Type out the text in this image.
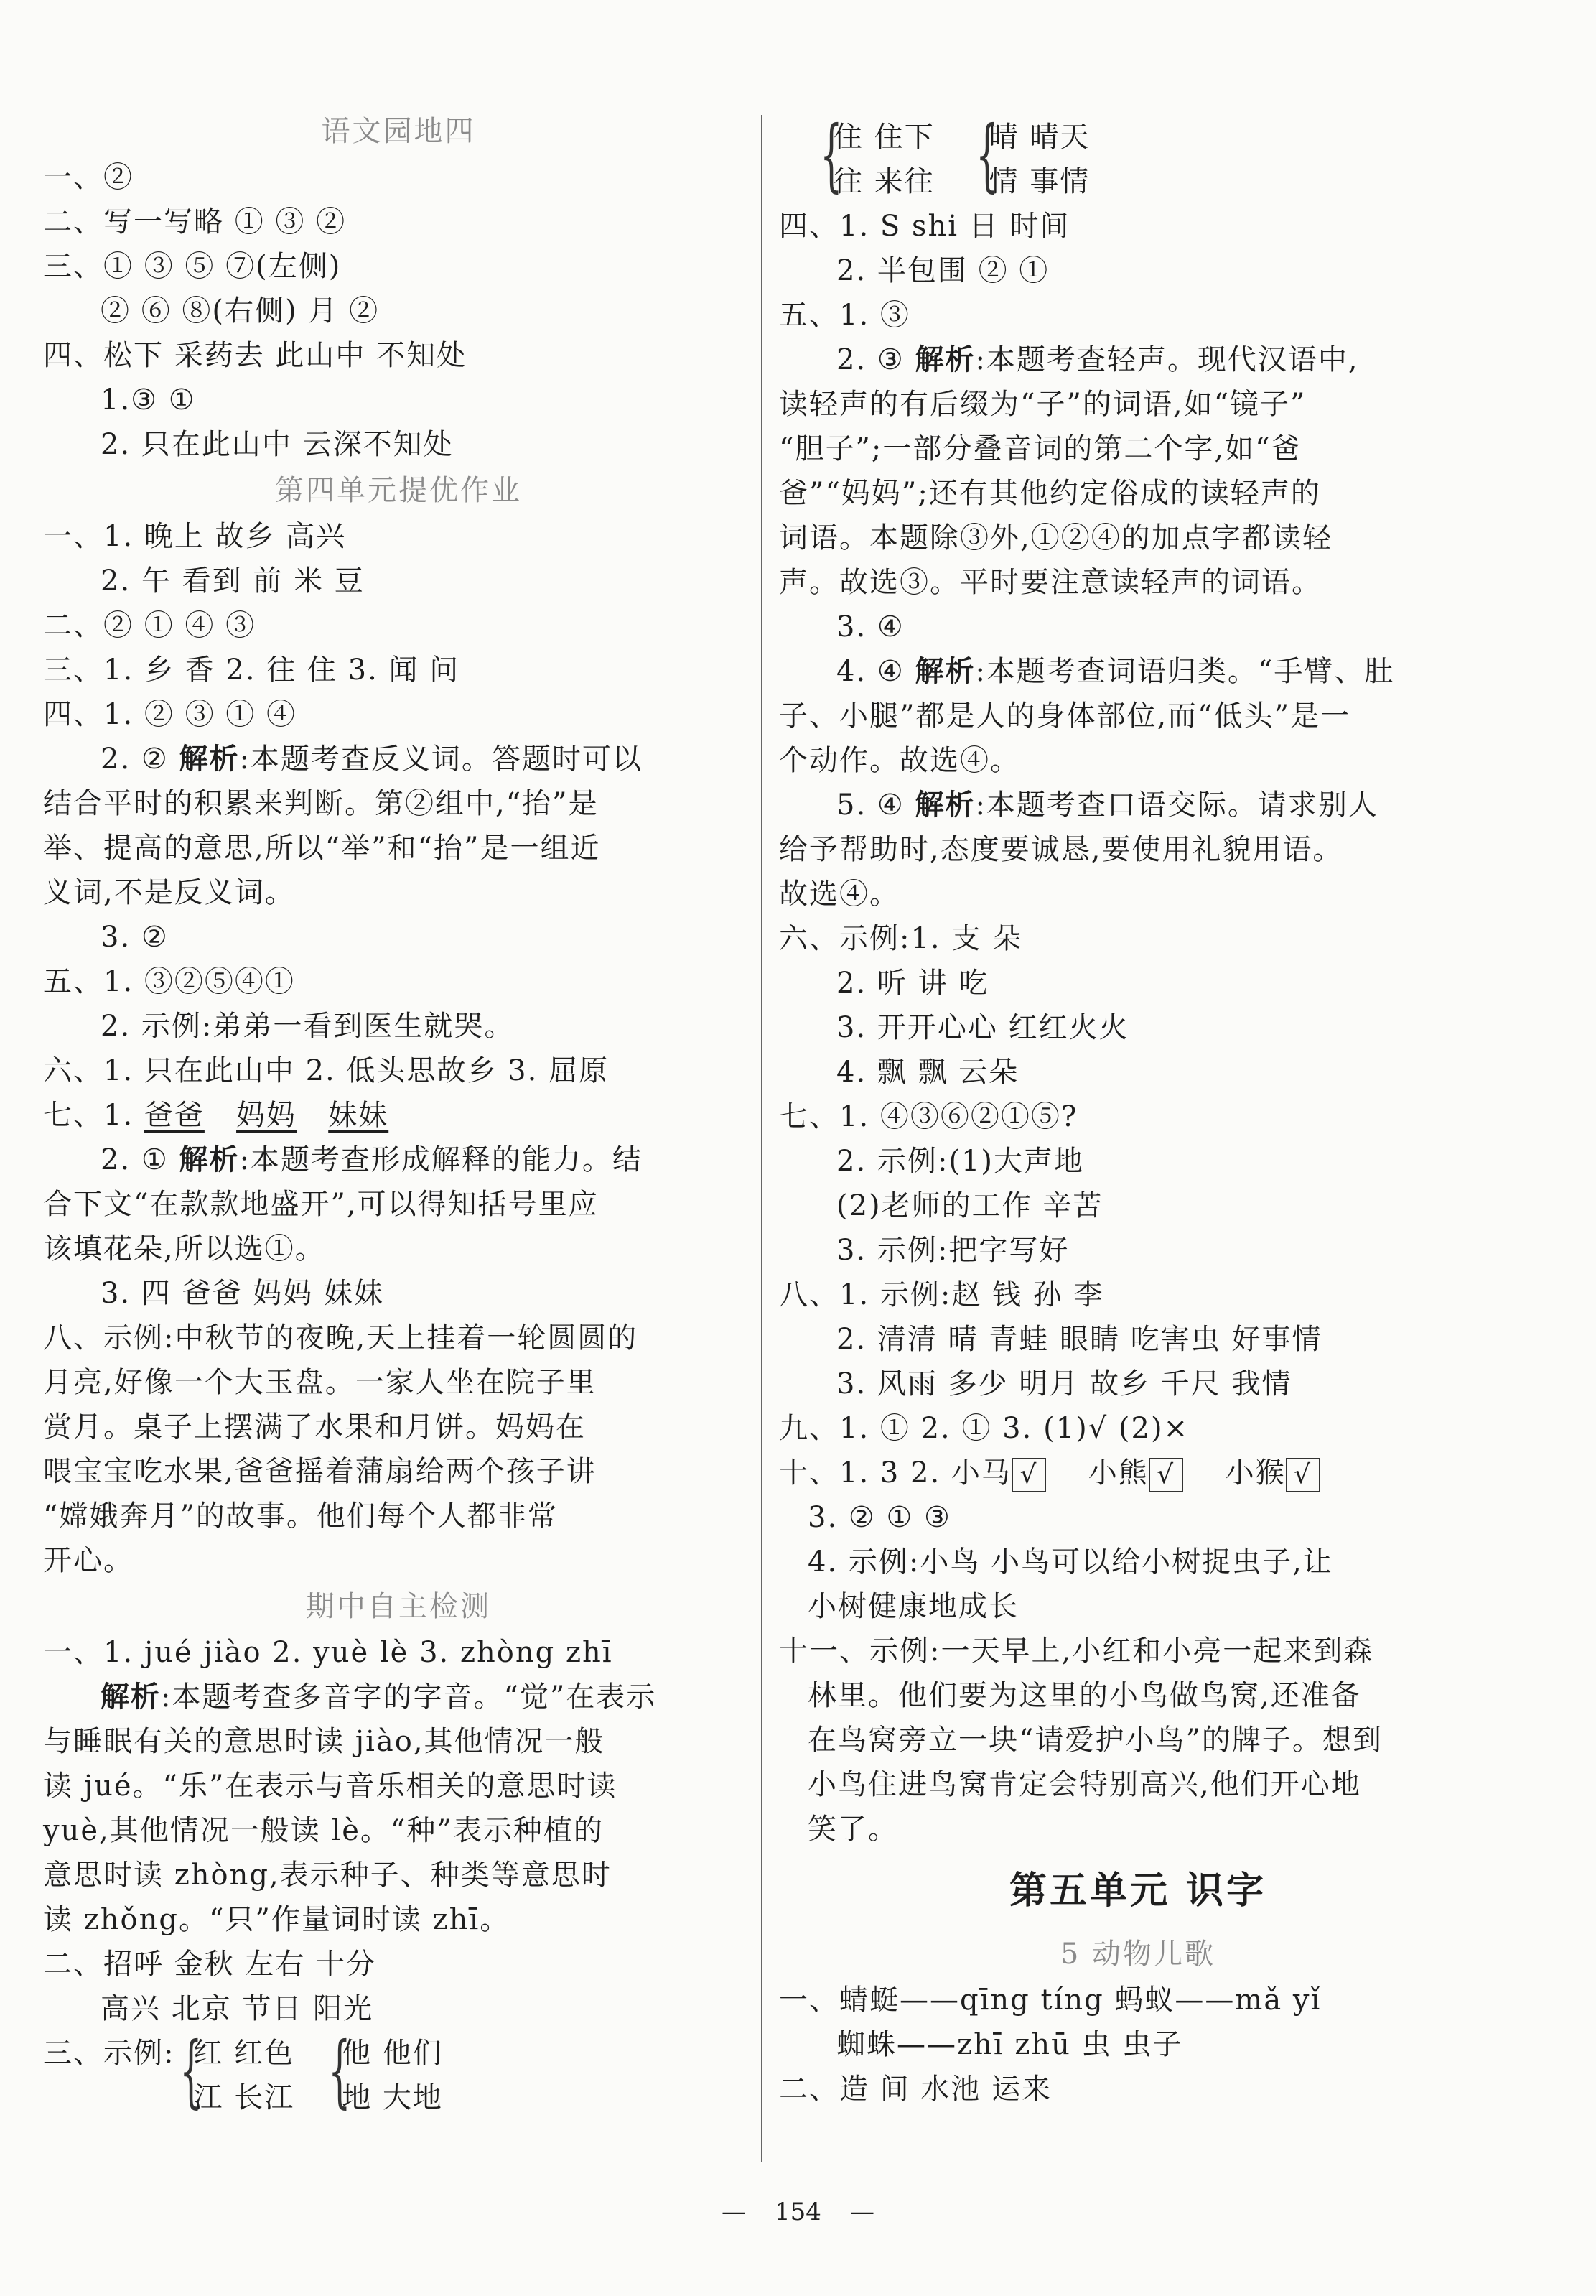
语文园地四
一、②
二、写一写略 ① ③ ②
三、① ③ ⑤ ⑦(左侧)
② ⑥ ⑧(右侧) 月 ②
四、松下 采药去 此山中 不知处
1.③ ①
2. 只在此山中 云深不知处
第四单元提优作业
一、1. 晚上 故乡 高兴
2. 午 看到 前 米 豆
二、② ① ④ ③
三、1. 乡 香 2. 往 住 3. 闻 问
四、1. ② ③ ① ④
2. ② 解析:本题考查反义词。答题时可以
结合平时的积累来判断。第②组中,“抬”是
举、提高的意思,所以“举”和“抬”是一组近
义词,不是反义词。
3. ②
五、1. ③②⑤④①
2. 示例:弟弟一看到医生就哭。
六、1. 只在此山中 2. 低头思故乡 3. 屈原
七、1. 爸爸 妈妈 妹妹
2. ① 解析:本题考查形成解释的能力。结
合下文“在款款地盛开”,可以得知括号里应
该填花朵,所以选①。
3. 四 爸爸 妈妈 妹妹
八、示例:中秋节的夜晚,天上挂着一轮圆圆的
月亮,好像一个大玉盘。一家人坐在院子里
赏月。桌子上摆满了水果和月饼。妈妈在
喂宝宝吃水果,爸爸摇着蒲扇给两个孩子讲
“嫦娥奔月”的故事。他们每个人都非常
开心。
期中自主检测
一、1. jué jiào 2. yuè lè 3. zhòng zhī
解析:本题考查多音字的字音。“觉”在表示
与睡眠有关的意思时读 jiào,其他情况一般
读 jué。“乐”在表示与音乐相关的意思时读
yuè,其他情况一般读 lè。“种”表示种植的
意思时读 zhòng,表示种子、种类等意思时
读 zhǒng。“只”作量词时读 zhī。
二、招呼 金秋 左右 十分
高兴 北京 节日 阳光
三、示例: {
红 红色
江 长江 {
他 他们
地 大地
{
住 住下
往 来往 {
晴 晴天
情 事情
四、1. S shi 日 时间
2. 半包围 ② ①
五、1. ③
2. ③ 解析:本题考查轻声。现代汉语中,
读轻声的有后缀为“子”的词语,如“镜子”
“胆子”;一部分叠音词的第二个字,如“爸
爸”“妈妈”;还有其他约定俗成的读轻声的
词语。本题除③外,①②④的加点字都读轻
声。故选③。平时要注意读轻声的词语。
3. ④
4. ④ 解析:本题考查词语归类。“手臂、肚
子、小腿”都是人的身体部位,而“低头”是一
个动作。故选④。
5. ④ 解析:本题考查口语交际。请求别人
给予帮助时,态度要诚恳,要使用礼貌用语。
故选④。
六、示例:1. 支 朵
2. 听 讲 吃
3. 开开心心 红红火火
4. 飘 飘 云朵
七、1. ④③⑥②①⑤?
2. 示例:(1)大声地
(2)老师的工作 辛苦
3. 示例:把字写好
八、1. 示例:赵 钱 孙 李
2. 清清 晴 青蛙 眼睛 吃害虫 好事情
3. 风雨 多少 明月 故乡 千尺 我情
九、1. ① 2. ① 3. (1)√ (2)×
十、1. 3 2. 小马 √ 小熊 √ 小猴 √
3. ② ① ③
4. 示例:小鸟 小鸟可以给小树捉虫子,让
小树健康地成长
十一、示例:一天早上,小红和小亮一起来到森
林里。他们要为这里的小鸟做鸟窝,还准备
在鸟窝旁立一块“请爱护小鸟”的牌子。想到
小鸟住进鸟窝肯定会特别高兴,他们开心地
笑了。
第五单元 识字
5 动物儿歌
一、蜻蜓——qīng tíng 蚂蚁——mǎ yǐ
蜘蛛——zhī zhū 虫 虫子
二、造 间 水池 运来
— 154 —
